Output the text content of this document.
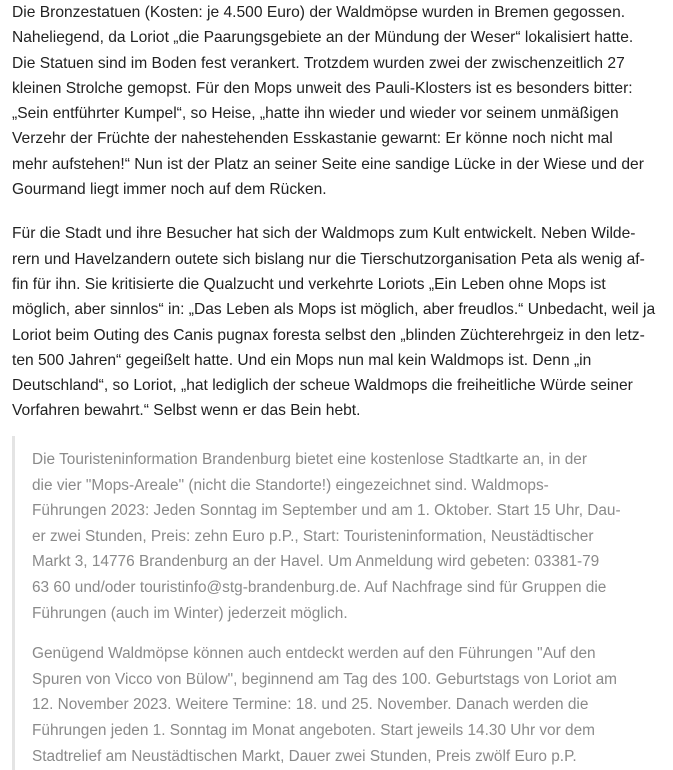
Die Bronzestatuen (Kosten: je 4.500 Euro) der Waldmöpse wurden in Bremen gegossen.
Naheliegend, da Loriot „die Paarungsgebiete an der Mündung der Weser“ lokalisiert hatte.
Die Statuen sind im Boden fest verankert. Trotzdem wurden zwei der zwischenzeitlich 27
kleinen Strolche gemopst. Für den Mops unweit des Pauli-Klosters ist es besonders bitter:
„Sein entführter Kumpel“, so Heise, „hatte ihn wieder und wieder vor seinem unmäßigen
Verzehr der Früchte der nahestehenden Esskastanie gewarnt: Er könne noch nicht mal
mehr aufstehen!“ Nun ist der Platz an seiner Seite eine sandige Lücke in der Wiese und der
Gourmand liegt immer noch auf dem Rücken.

Für die Stadt und ihre Besucher hat sich der Waldmops zum Kult entwickelt. Neben Wilde-
rern und Havelzandern outete sich bislang nur die Tierschutzorganisation Peta als wenig af-
fin für ihn. Sie kritisierte die Qualzucht und verkehrte Loriots „Ein Leben ohne Mops ist
möglich, aber sinnlos“ in: „Das Leben als Mops ist möglich, aber freudlos.“ Unbedacht, weil ja
Loriot beim Outing des Canis pugnax foresta selbst den „blinden Züchterehrgeiz in den letz-
ten 500 Jahren“ gegeißelt hatte. Und ein Mops nun mal kein Waldmops ist. Denn „in
Deutschland“, so Loriot, „hat lediglich der scheue Waldmops die freiheitliche Würde seiner
Vorfahren bewahrt.“ Selbst wenn er das Bein hebt.

Die Touristeninformation Brandenburg bietet eine kostenlose Stadtkarte an, in der
die vier "Mops-Areale" (nicht die Standorte!) eingezeichnet sind. Waldmops-
Führungen 2023: Jeden Sonntag im September und am 1. Oktober. Start 15 Uhr, Dau-
er zwei Stunden, Preis: zehn Euro p.P., Start: Touristeninformation, Neustädtischer
Markt 3, 14776 Brandenburg an der Havel. Um Anmeldung wird gebeten: 03381-79
63 60 und/oder touristinfo@stg-brandenburg.de. Auf Nachfrage sind für Gruppen die
Führungen (auch im Winter) jederzeit möglich.

Genügend Waldmöpse können auch entdeckt werden auf den Führungen "Auf den
Spuren von Vicco von Bülow", beginnend am Tag des 100. Geburtstags von Loriot am
12. November 2023. Weitere Termine: 18. und 25. November. Danach werden die
Führungen jeden 1. Sonntag im Monat angeboten. Start jeweils 14.30 Uhr vor dem
Stadtrelief am Neustädtischen Markt, Dauer zwei Stunden, Preis zwölf Euro p.P.
